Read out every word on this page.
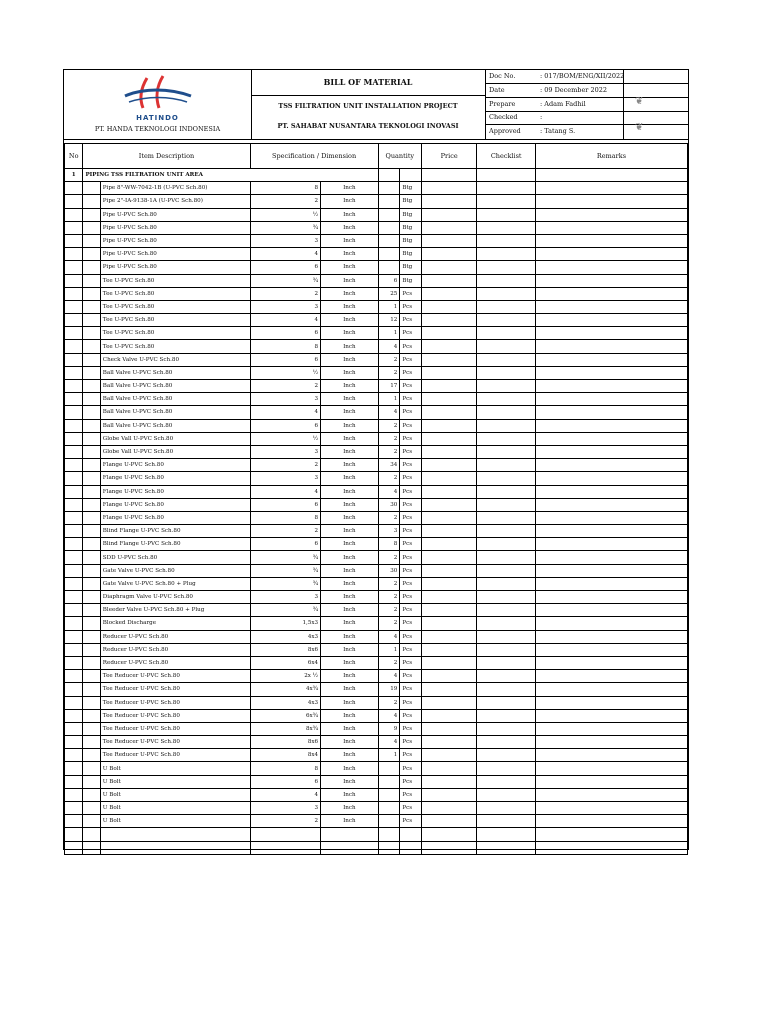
HATINDO
PT. HANDA TEKNOLOGI INDONESIA
BILL OF MATERIAL
TSS FILTRATION UNIT INSTALLATION PROJECT
PT. SAHABAT NUSANTARA TEKNOLOGI INOVASI
Doc No.	: 017/BOM/ENG/XII/2022
Date	: 09 December 2022
Prepare	: Adam Fadhil
Checked	:
Approved	: Tatang S.
❦
❦
No	Item Description		Specification / Dimension		Quantity		Price	Checklist	Remarks
1	PIPING TSS FILTRATION UNIT AREA								
		Pipe 8"-WW-7042-1B (U-PVC Sch.80)	8	Inch		Btg			
		Pipe 2"-IA-9138-1A (U-PVC Sch.80)	2	Inch		Btg			
		Pipe U-PVC Sch.80	½	Inch		Btg			
		Pipe U-PVC Sch.80	¾	Inch		Btg			
		Pipe U-PVC Sch.80	3	Inch		Btg			
		Pipe U-PVC Sch.80	4	Inch		Btg			
		Pipe U-PVC Sch.80	6	Inch		Btg			
		Tee U-PVC Sch.80	¾	Inch	6	Btg			
		Tee U-PVC Sch.80	2	Inch	25	Pcs			
		Tee U-PVC Sch.80	3	Inch	1	Pcs			
		Tee U-PVC Sch.80	4	Inch	12	Pcs			
		Tee U-PVC Sch.80	6	Inch	1	Pcs			
		Tee U-PVC Sch.80	8	Inch	4	Pcs			
		Check Valve U-PVC Sch.80	6	Inch	2	Pcs			
		Ball Valve U-PVC Sch.80	½	Inch	2	Pcs			
		Ball Valve U-PVC Sch.80	2	Inch	17	Pcs			
		Ball Valve U-PVC Sch.80	3	Inch	1	Pcs			
		Ball Valve U-PVC Sch.80	4	Inch	4	Pcs			
		Ball Valve U-PVC Sch.80	6	Inch	2	Pcs			
		Globe Vall U-PVC Sch.80	½	Inch	2	Pcs			
		Globe Vall U-PVC Sch.80	3	Inch	2	Pcs			
		Flange U-PVC Sch.80	2	Inch	34	Pcs			
		Flange U-PVC Sch.80	3	Inch	2	Pcs			
		Flange U-PVC Sch.80	4	Inch	4	Pcs			
		Flange U-PVC Sch.80	6	Inch	30	Pcs			
		Flange U-PVC Sch.80	8	Inch	2	Pcs			
		Blind Flange U-PVC Sch.80	2	Inch	3	Pcs			
		Blind Flange U-PVC Sch.80	6	Inch	8	Pcs			
		SDD U-PVC Sch.80	¾	Inch	2	Pcs			
		Gate Valve U-PVC Sch.80	¾	Inch	30	Pcs			
		Gate Valve U-PVC Sch.80 + Plug	¾	Inch	2	Pcs			
		Diaphragm Valve U-PVC Sch.80	3	Inch	2	Pcs			
		Bleeder Valve U-PVC Sch.80 + Plug	¾	Inch	2	Pcs			
		Blocked Discharge	1,5x3	Inch	2	Pcs			
		Reducer U-PVC Sch.80	4x3	Inch	4	Pcs			
		Reducer U-PVC Sch.80	8x6	Inch	1	Pcs			
		Reducer U-PVC Sch.80	6x4	Inch	2	Pcs			
		Tee Reducer U-PVC Sch.80	2x ½	Inch	4	Pcs			
		Tee Reducer U-PVC Sch.80	4x¾	Inch	19	Pcs			
		Tee Reducer U-PVC Sch.80	4x3	Inch	2	Pcs			
		Tee Reducer U-PVC Sch.80	6x¾	Inch	4	Pcs			
		Tee Reducer U-PVC Sch.80	8x¾	Inch	9	Pcs			
		Tee Reducer U-PVC Sch.80	8x6	Inch	4	Pcs			
		Tee Reducer U-PVC Sch.80	8x4	Inch	1	Pcs			
		U Bolt	8	Inch		Pcs			
		U Bolt	6	Inch		Pcs			
		U Bolt	4	Inch		Pcs			
		U Bolt	3	Inch		Pcs			
		U Bolt	2	Inch		Pcs			
